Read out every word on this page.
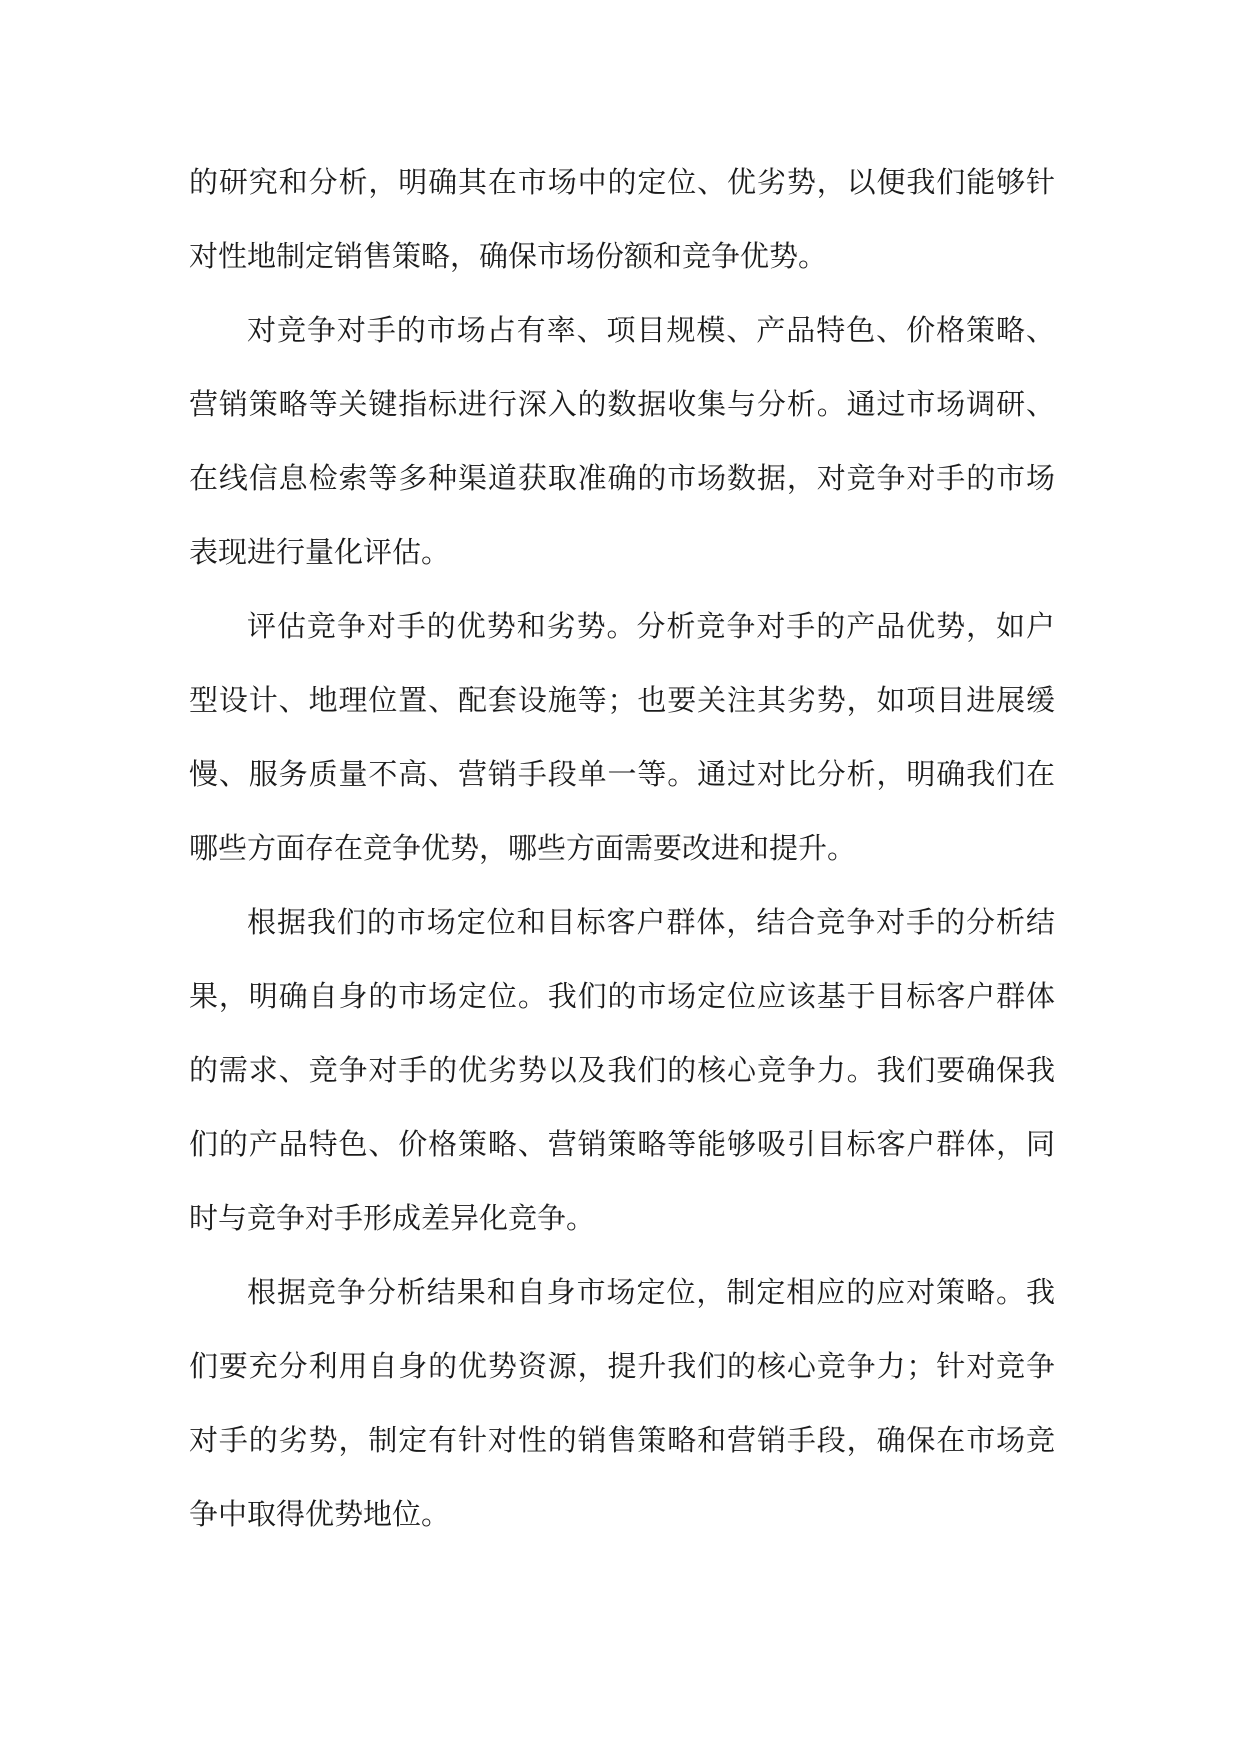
的研究和分析，明确其在市场中的定位、优劣势，以便我们能够针对性地制定销售策略，确保市场份额和竞争优势。

对竞争对手的市场占有率、项目规模、产品特色、价格策略、营销策略等关键指标进行深入的数据收集与分析。通过市场调研、在线信息检索等多种渠道获取准确的市场数据，对竞争对手的市场表现进行量化评估。

评估竞争对手的优势和劣势。分析竞争对手的产品优势，如户型设计、地理位置、配套设施等；也要关注其劣势，如项目进展缓慢、服务质量不高、营销手段单一等。通过对比分析，明确我们在哪些方面存在竞争优势，哪些方面需要改进和提升。

根据我们的市场定位和目标客户群体，结合竞争对手的分析结果，明确自身的市场定位。我们的市场定位应该基于目标客户群体的需求、竞争对手的优劣势以及我们的核心竞争力。我们要确保我们的产品特色、价格策略、营销策略等能够吸引目标客户群体，同时与竞争对手形成差异化竞争。

根据竞争分析结果和自身市场定位，制定相应的应对策略。我们要充分利用自身的优势资源，提升我们的核心竞争力；针对竞争对手的劣势，制定有针对性的销售策略和营销手段，确保在市场竞争中取得优势地位。
